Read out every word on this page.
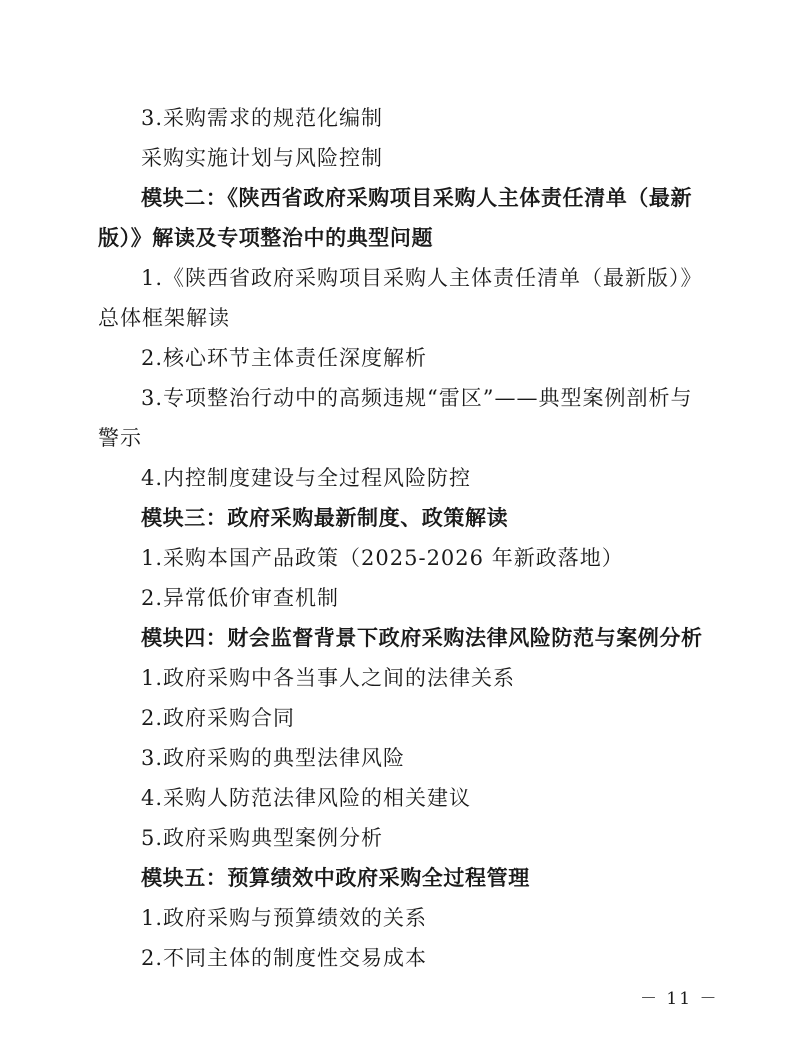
3.采购需求的规范化编制
采购实施计划与风险控制
模块二：《陕西省政府采购项目采购人主体责任清单（最新
版）》解读及专项整治中的典型问题
1.《陕西省政府采购项目采购人主体责任清单（最新版）》
总体框架解读
2.核心环节主体责任深度解析
3.专项整治行动中的高频违规“雷区”——典型案例剖析与
警示
4.内控制度建设与全过程风险防控
模块三：政府采购最新制度、政策解读
1.采购本国产品政策（2025-2026 年新政落地）
2.异常低价审查机制
模块四：财会监督背景下政府采购法律风险防范与案例分析
1.政府采购中各当事人之间的法律关系
2.政府采购合同
3.政府采购的典型法律风险
4.采购人防范法律风险的相关建议
5.政府采购典型案例分析
模块五：预算绩效中政府采购全过程管理
1.政府采购与预算绩效的关系
2.不同主体的制度性交易成本
－ 11 －
